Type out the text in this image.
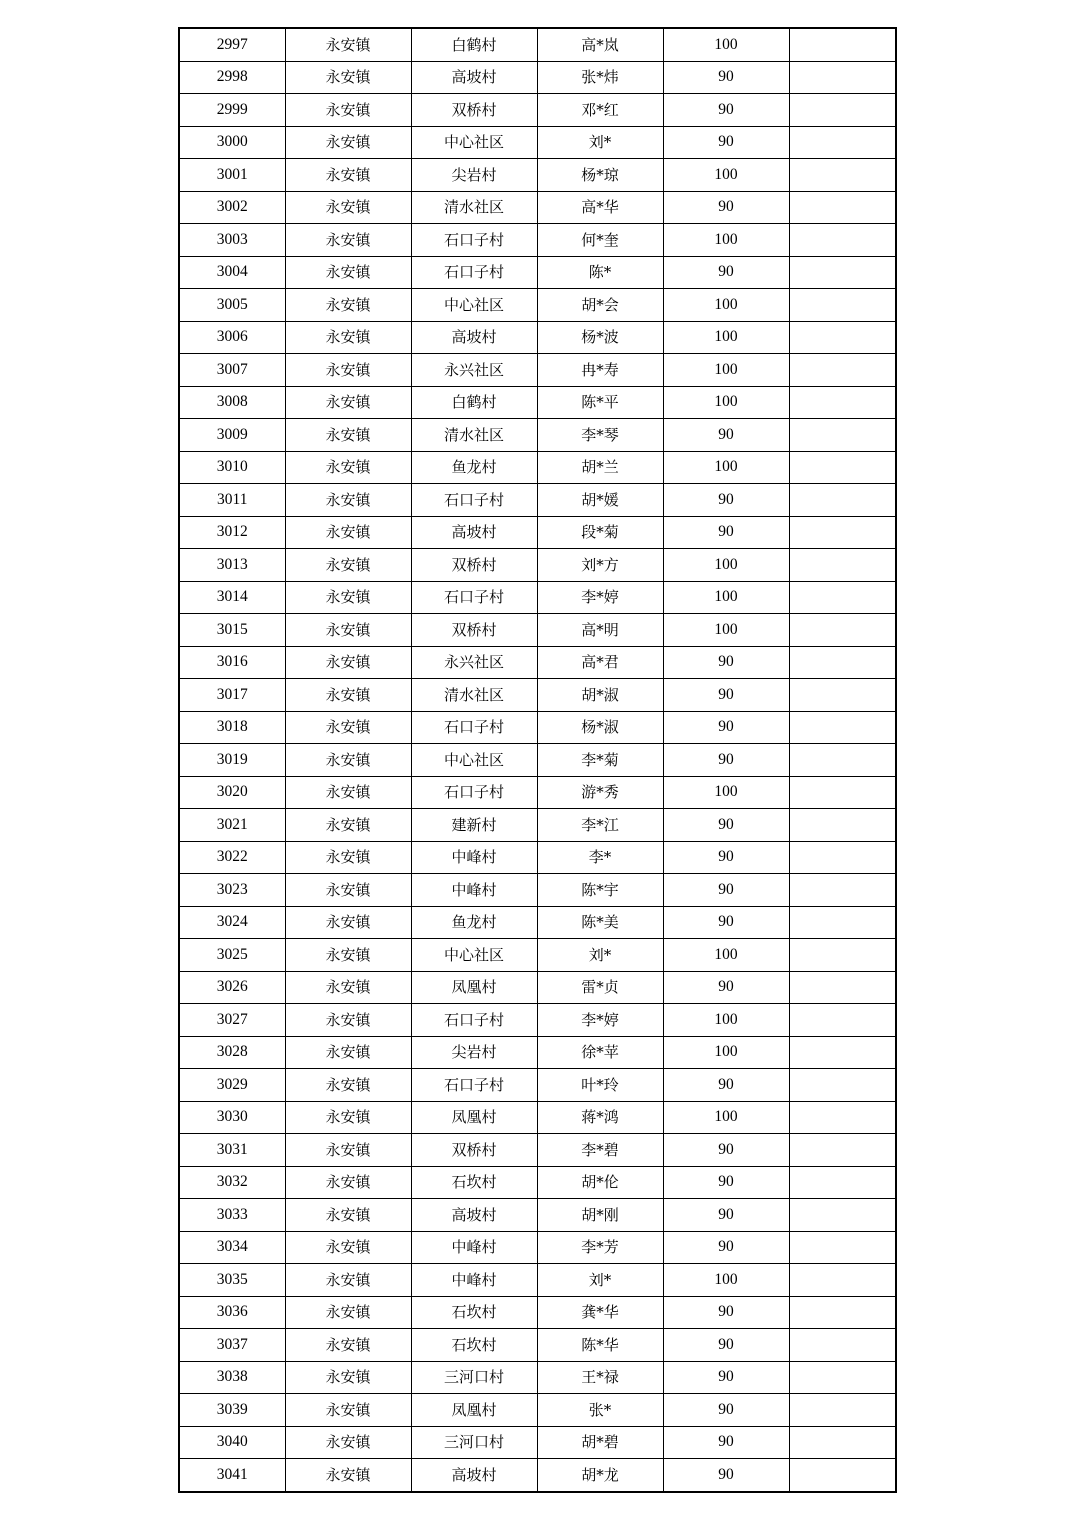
2997	永安镇	白鹤村	高*岚	100	
2998	永安镇	高坡村	张*炜	90	
2999	永安镇	双桥村	邓*红	90	
3000	永安镇	中心社区	刘*	90	
3001	永安镇	尖岩村	杨*琼	100	
3002	永安镇	清水社区	高*华	90	
3003	永安镇	石口子村	何*奎	100	
3004	永安镇	石口子村	陈*	90	
3005	永安镇	中心社区	胡*会	100	
3006	永安镇	高坡村	杨*波	100	
3007	永安镇	永兴社区	冉*寿	100	
3008	永安镇	白鹤村	陈*平	100	
3009	永安镇	清水社区	李*琴	90	
3010	永安镇	鱼龙村	胡*兰	100	
3011	永安镇	石口子村	胡*媛	90	
3012	永安镇	高坡村	段*菊	90	
3013	永安镇	双桥村	刘*方	100	
3014	永安镇	石口子村	李*婷	100	
3015	永安镇	双桥村	高*明	100	
3016	永安镇	永兴社区	高*君	90	
3017	永安镇	清水社区	胡*淑	90	
3018	永安镇	石口子村	杨*淑	90	
3019	永安镇	中心社区	李*菊	90	
3020	永安镇	石口子村	游*秀	100	
3021	永安镇	建新村	李*江	90	
3022	永安镇	中峰村	李*	90	
3023	永安镇	中峰村	陈*宇	90	
3024	永安镇	鱼龙村	陈*美	90	
3025	永安镇	中心社区	刘*	100	
3026	永安镇	凤凰村	雷*贞	90	
3027	永安镇	石口子村	李*婷	100	
3028	永安镇	尖岩村	徐*苹	100	
3029	永安镇	石口子村	叶*玲	90	
3030	永安镇	凤凰村	蒋*鸿	100	
3031	永安镇	双桥村	李*碧	90	
3032	永安镇	石坎村	胡*伦	90	
3033	永安镇	高坡村	胡*刚	90	
3034	永安镇	中峰村	李*芳	90	
3035	永安镇	中峰村	刘*	100	
3036	永安镇	石坎村	龚*华	90	
3037	永安镇	石坎村	陈*华	90	
3038	永安镇	三河口村	王*禄	90	
3039	永安镇	凤凰村	张*	90	
3040	永安镇	三河口村	胡*碧	90	
3041	永安镇	高坡村	胡*龙	90	
